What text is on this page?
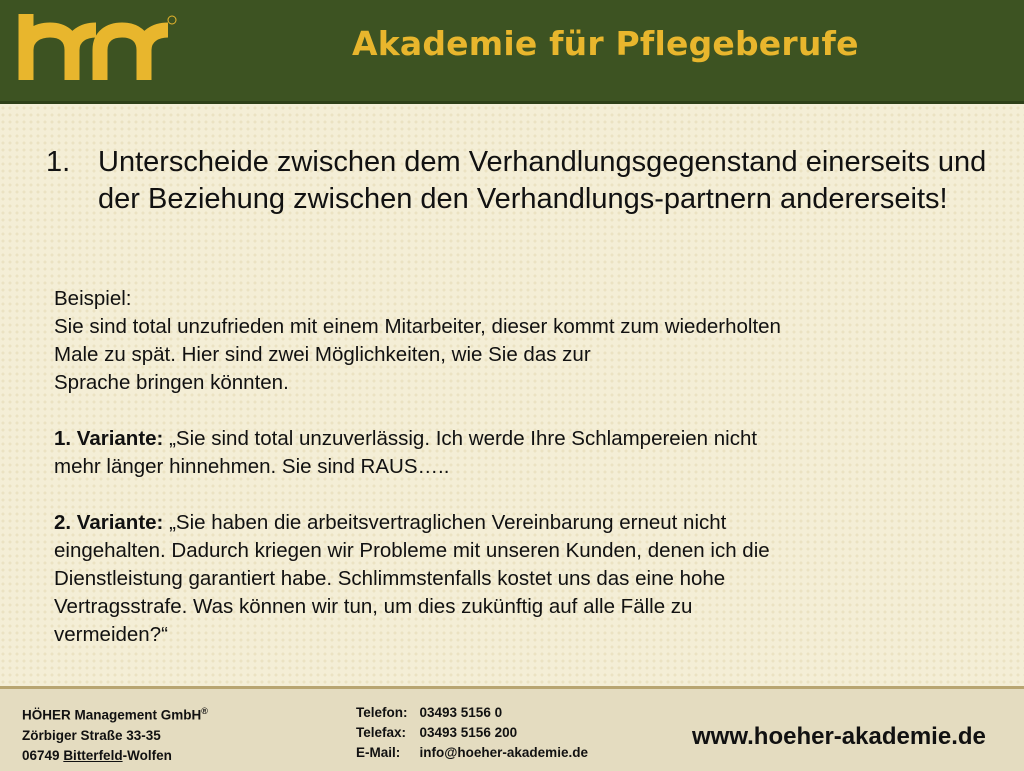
Akademie für Pflegeberufe
1. Unterscheide zwischen dem Verhandlungsgegenstand einerseits und der Beziehung zwischen den Verhandlungs-partnern andererseits!

Beispiel:

Sie sind total unzufrieden mit einem Mitarbeiter, dieser kommt zum wiederholten

Male zu spät. Hier sind zwei Möglichkeiten, wie Sie das zur

Sprache bringen könnten.

1. Variante: „Sie sind total unzuverlässig. Ich werde Ihre Schlampereien nicht

mehr länger hinnehmen. Sie sind RAUS…..

2. Variante: „Sie haben die arbeitsvertraglichen Vereinbarung erneut nicht

eingehalten. Dadurch kriegen wir Probleme mit unseren Kunden, denen ich die

Dienstleistung garantiert habe. Schlimmstenfalls kostet uns das eine hohe

Vertragsstrafe. Was können wir tun, um dies zukünftig auf alle Fälle zu

vermeiden?“

HÖHER Management GmbH®
Zörbiger Straße 33-35
06749 Bitterfeld-Wolfen
Telefon:	03493 5156 0
Telefax:	03493 5156 200
E-Mail:	info@hoeher-akademie.de
www.hoeher-akademie.de
